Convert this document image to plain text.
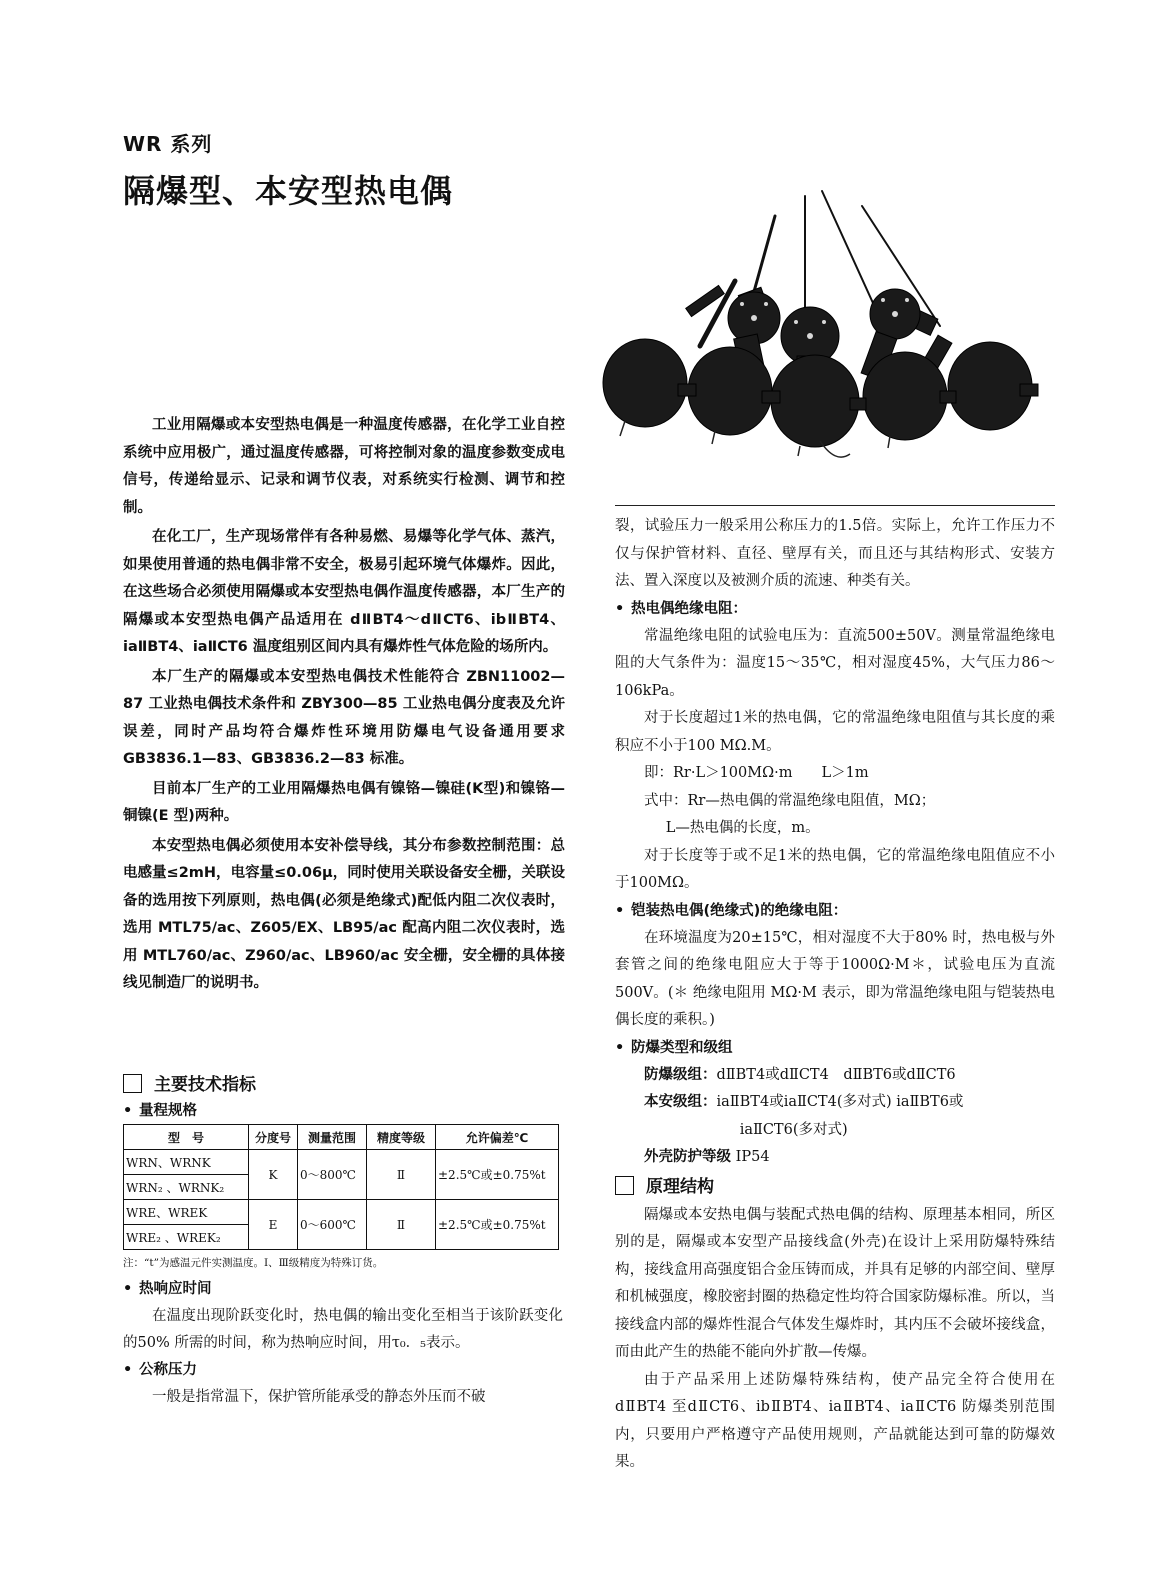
WR 系列
隔爆型、本安型热电偶

工业用隔爆或本安型热电偶是一种温度传感器，在化学工业自控系统中应用极广，通过温度传感器，可将控制对象的温度参数变成电信号，传递给显示、记录和调节仪表，对系统实行检测、调节和控制。

在化工厂，生产现场常伴有各种易燃、易爆等化学气体、蒸汽，如果使用普通的热电偶非常不安全，极易引起环境气体爆炸。因此，在这些场合必须使用隔爆或本安型热电偶作温度传感器，本厂生产的隔爆或本安型热电偶产品适用在 dⅡBT4～dⅡCT6、ibⅡBT4、iaⅡBT4、iaⅡCT6 温度组别区间内具有爆炸性气体危险的场所内。

本厂生产的隔爆或本安型热电偶技术性能符合 ZBN11002—87 工业热电偶技术条件和 ZBY300—85 工业热电偶分度表及允许误差，同时产品均符合爆炸性环境用防爆电气设备通用要求 GB3836.1—83、GB3836.2—83 标准。

目前本厂生产的工业用隔爆热电偶有镍铬—镍硅(K型)和镍铬—铜镍(E 型)两种。

本安型热电偶必须使用本安补偿导线，其分布参数控制范围：总电感量≤2mH，电容量≤0.06μ，同时使用关联设备安全栅，关联设备的选用按下列原则，热电偶(必须是绝缘式)配低内阻二次仪表时，选用 MTL75/ac、Z605/EX、LB95/ac 配高内阻二次仪表时，选用 MTL760/ac、Z960/ac、LB960/ac 安全栅，安全栅的具体接线见制造厂的说明书。

主要技术指标
• 量程规格
型　号	分度号	测量范围	精度等级	允许偏差℃
WRN、WRNK	K	0～800℃	Ⅱ	±2.5℃或±0.75%t
WRN₂ 、WRNK₂				
WRE、WREK	E	0～600℃	Ⅱ	±2.5℃或±0.75%t
WRE₂ 、WREK₂				
注：“t”为感温元件实测温度。Ⅰ、Ⅲ级精度为特殊订货。
• 热响应时间

在温度出现阶跃变化时，热电偶的输出变化至相当于该阶跃变化的50% 所需的时间，称为热响应时间，用τ₀．₅表示。

• 公称压力

一般是指常温下，保护管所能承受的静态外压而不破

裂，试验压力一般采用公称压力的1.5倍。实际上，允许工作压力不仅与保护管材料、直径、壁厚有关，而且还与其结构形式、安装方法、置入深度以及被测介质的流速、种类有关。

• 热电偶绝缘电阻：

常温绝缘电阻的试验电压为：直流500±50V。测量常温绝缘电阻的大气条件为：温度15～35℃，相对湿度45%，大气压力86～106kPa。

对于长度超过1米的热电偶，它的常温绝缘电阻值与其长度的乘积应不小于100 MΩ.M。

即：Rr·L＞100MΩ·m　　L＞1m
式中：Rr—热电偶的常温绝缘电阻值，MΩ；
L—热电偶的长度，m。

对于长度等于或不足1米的热电偶，它的常温绝缘电阻值应不小于100MΩ。

• 铠装热电偶(绝缘式)的绝缘电阻：

在环境温度为20±15℃，相对湿度不大于80% 时，热电极与外套管之间的绝缘电阻应大于等于1000Ω·M＊，试验电压为直流500V。(＊ 绝缘电阻用 MΩ·M 表示，即为常温绝缘电阻与铠装热电偶长度的乘积。)

• 防爆类型和级组
防爆级组：dⅡBT4或dⅡCT4　dⅡBT6或dⅡCT6
本安级组：iaⅡBT4或iaⅡCT4(多对式) iaⅡBT6或
iaⅡCT6(多对式)
外壳防护等级 IP54
原理结构

隔爆或本安热电偶与装配式热电偶的结构、原理基本相同，所区别的是，隔爆或本安型产品接线盒(外壳)在设计上采用防爆特殊结构，接线盒用高强度铝合金压铸而成，并具有足够的内部空间、壁厚和机械强度，橡胶密封圈的热稳定性均符合国家防爆标准。所以，当接线盒内部的爆炸性混合气体发生爆炸时，其内压不会破坏接线盒，而由此产生的热能不能向外扩散—传爆。

由于产品采用上述防爆特殊结构，使产品完全符合使用在 dⅡBT4 至dⅡCT6、ibⅡBT4、iaⅡBT4、iaⅡCT6 防爆类别范围内，只要用户严格遵守产品使用规则，产品就能达到可靠的防爆效果。
